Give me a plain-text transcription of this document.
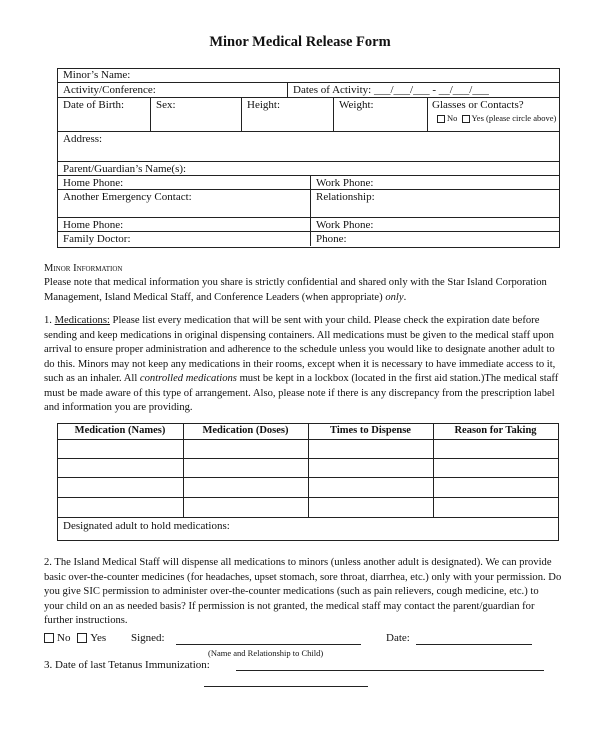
Minor Medical Release Form
Minor’s Name:
Activity/Conference:	Dates of Activity: ___/___/___ - __/___/___
Date of Birth:	Sex:	Height:	Weight:	Glasses or Contacts?
No Yes (please circle above)
Address:
Parent/Guardian’s Name(s):
Home Phone:	Work Phone:
Another Emergency Contact:	Relationship:
Home Phone:	Work Phone:
Family Doctor:	Phone:
Minor Information
Please note that medical information you share is strictly confidential and shared only with the Star Island Corporation
Management, Island Medical Staff, and Conference Leaders (when appropriate) only.
1. Medications: Please list every medication that will be sent with your child. Please check the expiration date before
sending and keep medications in original dispensing containers. All medications must be given to the medical staff upon
arrival to ensure proper administration and adherence to the schedule unless you would like to designate another adult to
do this. Minors may not keep any medications in their rooms, except when it is necessary to have immediate access to it,
such as an inhaler. All controlled medications must be kept in a lockbox (located in the first aid station.)The medical staff
must be made aware of this type of arrangement. Also, please note if there is any discrepancy from the prescription label
and information you are providing.
Medication (Names)	Medication (Doses)	Times to Dispense	Reason for Taking
Designated adult to hold medications:
2. The Island Medical Staff will dispense all medications to minors (unless another adult is designated). We can provide
basic over-the-counter medicines (for headaches, upset stomach, sore throat, diarrhea, etc.) only with your permission. Do
you give SIC permission to administer over-the-counter medications (such as pain relievers, cough medicine, etc.) to
your child on an as needed basis? If permission is not granted, the medical staff may contact the parent/guardian for
further instructions.
No Yes Signed:	Date:
(Name and Relationship to Child)
3. Date of last Tetanus Immunization:
